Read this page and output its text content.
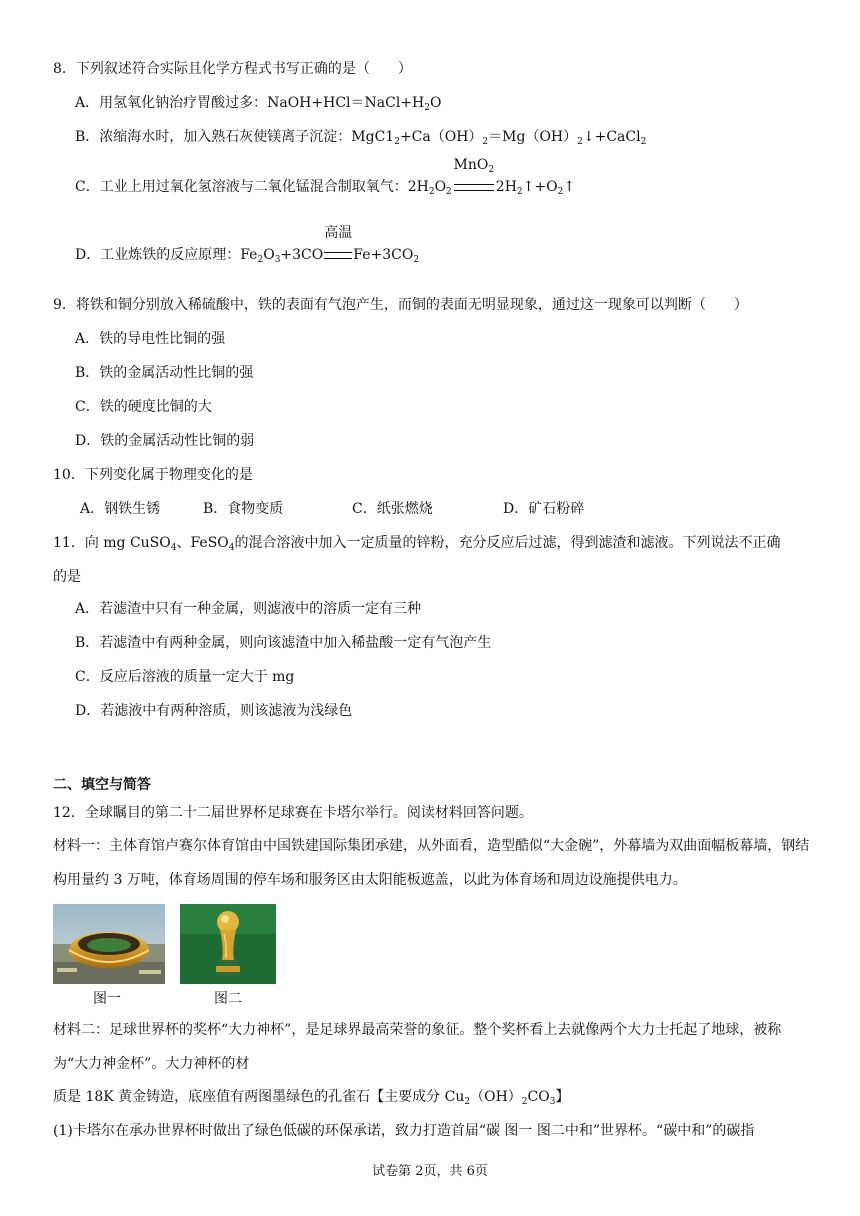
8．下列叙述符合实际且化学方程式书写正确的是（　　）
A．用氢氧化钠治疗胃酸过多：$NaOH+HCl=NaCl+H_2O$
B．浓缩海水时，加入熟石灰使镁离子沉淀：$MgC1_2+Ca(OH)_2=Mg(OH)_2↓+CaCl_2$
C．工业上用过氧化氢溶液与二氧化锰混合制取氧气：$2H_2O_2$
MnO$_2$
$2H_2↑+O_2↑$
D．工业炼铁的反应原理：$Fe_2O_3+3CO$
高温
$Fe+3CO_2$
9．将铁和铜分别放入稀硫酸中，铁的表面有气泡产生，而铜的表面无明显现象，通过这一现象可以判断（　　）
A．铁的导电性比铜的强
B．铁的金属活动性比铜的强
C．铁的硬度比铜的大
D．铁的金属活动性比铜的弱
10．下列变化属于物理变化的是
A．钢铁生锈	B．食物变质	C．纸张燃烧	D．矿石粉碎
11．向 mg CuSO$_4$、FeSO$_4$的混合溶液中加入一定质量的锌粉，充分反应后过滤，得到滤渣和滤液。下列说法不正确
的是
A．若滤渣中只有一种金属，则滤液中的溶质一定有三种
B．若滤渣中有两种金属，则向该滤渣中加入稀盐酸一定有气泡产生
C．反应后溶液的质量一定大于 mg
D．若滤液中有两种溶质，则该滤液为浅绿色
二、填空与简答
12．全球瞩目的第二十二届世界杯足球赛在卡塔尔举行。阅读材料回答问题。
材料一：主体育馆卢赛尔体育馆由中国铁建国际集团承建，从外面看，造型酷似“大金碗”，外幕墙为双曲面幅板幕墙，钢结构用量约 3 万吨，体育场周围的停车场和服务区由太阳能板遮盖，以此为体育场和周边设施提供电力。
图一	图二
材料二：足球世界杯的奖杯“大力神杯”，是足球界最高荣誉的象征。整个奖杯看上去就像两个大力士托起了地球，被称为“大力神金杯”。大力神杯的材
质是 18K 黄金铸造，底座值有两图墨绿色的孔雀石【主要成分 $Cu_2(OH)_2CO_3$】
(1)卡塔尔在承办世界杯时做出了绿色低碳的环保承诺，致力打造首届“碳 图一 图二中和”世界杯。“碳中和”的碳指
试卷第 2页，共 6页
